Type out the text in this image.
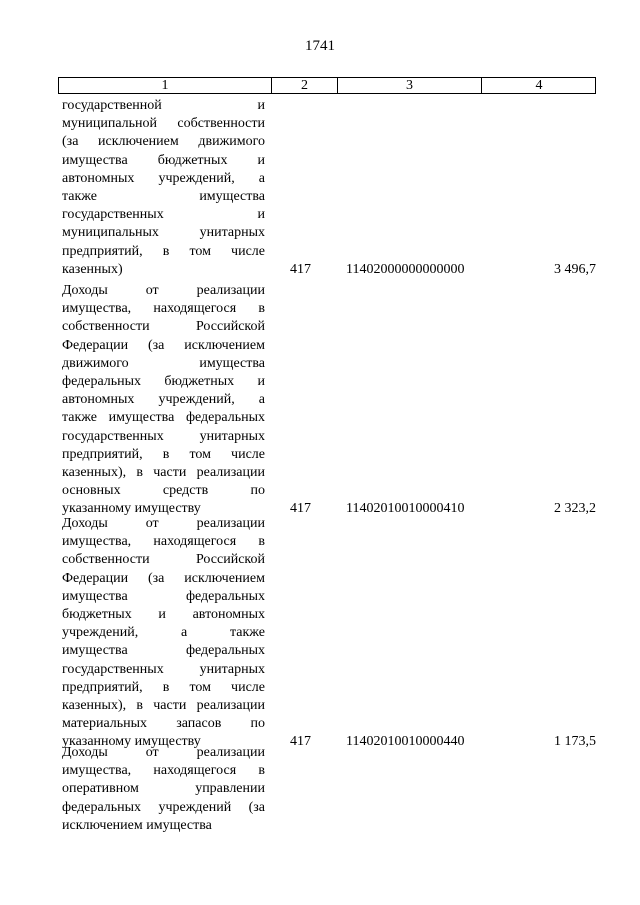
1741
1	2	3	4
государственной и
муниципальной собственности
(за исключением движимого
имущества бюджетных и
автономных учреждений, а
также имущества
государственных и
муниципальных унитарных
предприятий, в том числе
казенных)	417	11402000000000000	3 496,7
Доходы от реализации
имущества, находящегося в
собственности Российской
Федерации (за исключением
движимого имущества
федеральных бюджетных и
автономных учреждений, а
также имущества федеральных
государственных унитарных
предприятий, в том числе
казенных), в части реализации
основных средств по
указанному имуществу	417	11402010010000410	2 323,2
Доходы от реализации
имущества, находящегося в
собственности Российской
Федерации (за исключением
имущества федеральных
бюджетных и автономных
учреждений, а также
имущества федеральных
государственных унитарных
предприятий, в том числе
казенных), в части реализации
материальных запасов по
указанному имуществу	417	11402010010000440	1 173,5
Доходы от реализации
имущества, находящегося в
оперативном управлении
федеральных учреждений (за
исключением имущества
